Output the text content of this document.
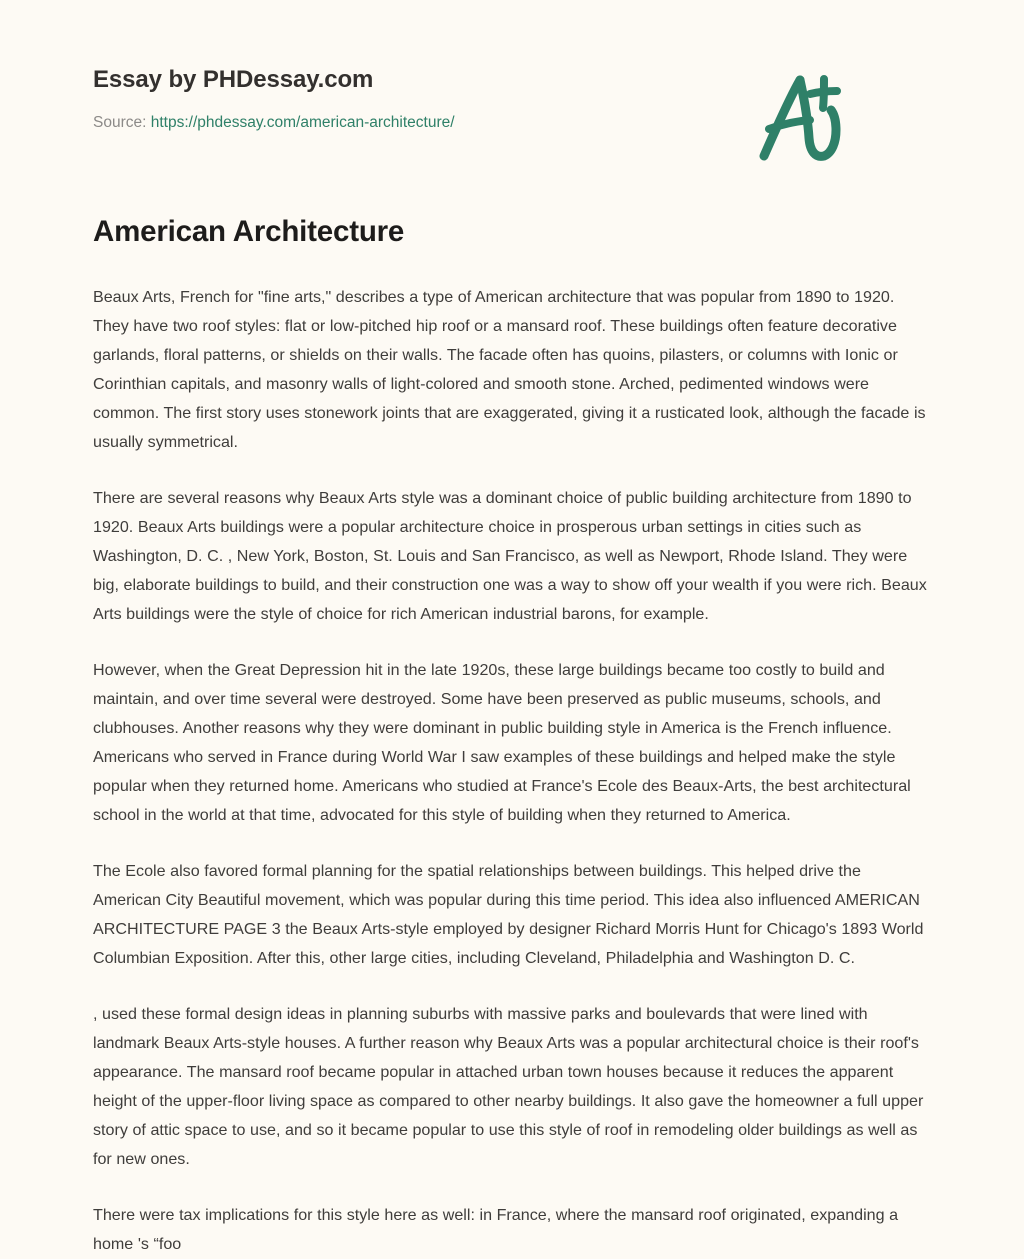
Essay by PHDessay.com
Source: https://phdessay.com/american-architecture/
American Architecture

Beaux Arts, French for "fine arts," describes a type of American architecture that was popular from 1890 to 1920. They have two roof styles: flat or low-pitched hip roof or a mansard roof. These buildings often feature decorative garlands, floral patterns, or shields on their walls. The facade often has quoins, pilasters, or columns with Ionic or Corinthian capitals, and masonry walls of light-colored and smooth stone. Arched, pedimented windows were common. The first story uses stonework joints that are exaggerated, giving it a rusticated look, although the facade is usually symmetrical.

There are several reasons why Beaux Arts style was a dominant choice of public building architecture from 1890 to 1920. Beaux Arts buildings were a popular architecture choice in prosperous urban settings in cities such as Washington, D. C. , New York, Boston, St. Louis and San Francisco, as well as Newport, Rhode Island. They were big, elaborate buildings to build, and their construction one was a way to show off your wealth if you were rich. Beaux Arts buildings were the style of choice for rich American industrial barons, for example.

However, when the Great Depression hit in the late 1920s, these large buildings became too costly to build and maintain, and over time several were destroyed. Some have been preserved as public museums, schools, and clubhouses. Another reasons why they were dominant in public building style in America is the French influence. Americans who served in France during World War I saw examples of these buildings and helped make the style popular when they returned home. Americans who studied at France's Ecole des Beaux-Arts, the best architectural school in the world at that time, advocated for this style of building when they returned to America.

The Ecole also favored formal planning for the spatial relationships between buildings. This helped drive the American City Beautiful movement, which was popular during this time period. This idea also influenced AMERICAN ARCHITECTURE PAGE 3 the Beaux Arts-style employed by designer Richard Morris Hunt for Chicago's 1893 World Columbian Exposition. After this, other large cities, including Cleveland, Philadelphia and Washington D. C.

, used these formal design ideas in planning suburbs with massive parks and boulevards that were lined with landmark Beaux Arts-style houses. A further reason why Beaux Arts was a popular architectural choice is their roof's appearance. The mansard roof became popular in attached urban town houses because it reduces the apparent height of the upper-floor living space as compared to other nearby buildings. It also gave the homeowner a full upper story of attic space to use, and so it became popular to use this style of roof in remodeling older buildings as well as for new ones.

There were tax implications for this style here as well: in France, where the mansard roof originated, expanding a home 's “foo
